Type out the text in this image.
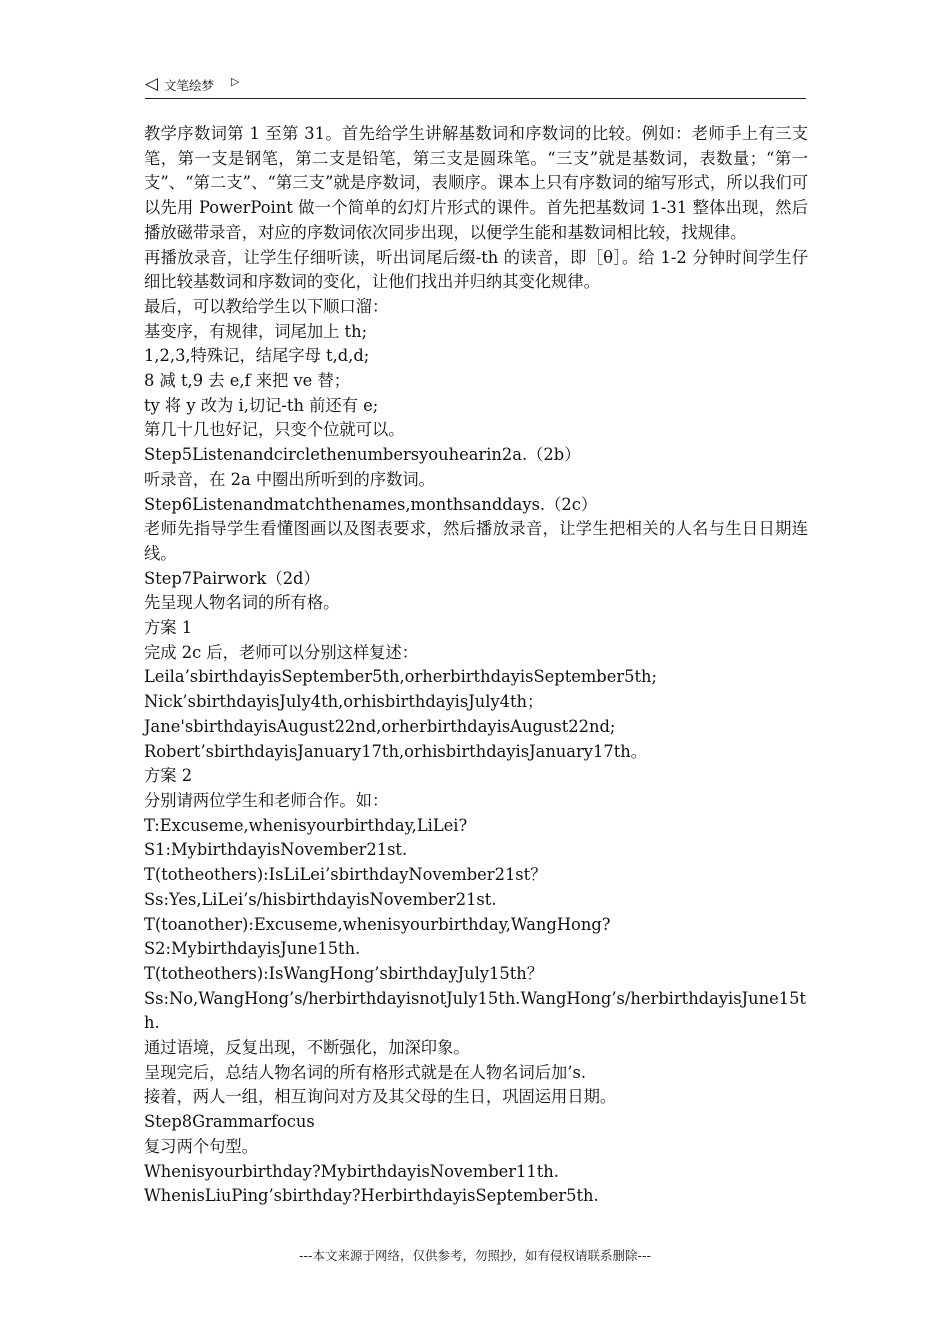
◁ 文笔绘梦 ▷

教学序数词第 1 至第 31。首先给学生讲解基数词和序数词的比较。例如：老师手上有三支笔，第一支是钢笔，第二支是铅笔，第三支是圆珠笔。“三支”就是基数词，表数量；“第一支”、“第二支”、“第三支”就是序数词，表顺序。课本上只有序数词的缩写形式，所以我们可以先用 PowerPoint 做一个简单的幻灯片形式的课件。首先把基数词 1-31 整体出现，然后播放磁带录音，对应的序数词依次同步出现，以便学生能和基数词相比较，找规律。

再播放录音，让学生仔细听读，听出词尾后缀-th 的读音，即［θ］。给 1-2 分钟时间学生仔细比较基数词和序数词的变化，让他们找出并归纳其变化规律。

最后，可以教给学生以下顺口溜：

基变序，有规律，词尾加上 th;

1,2,3,特殊记，结尾字母 t,d,d;

8 减 t,9 去 e,f 来把 ve 替；

ty 将 y 改为 i,切记-th 前还有 e;

第几十几也好记，只变个位就可以。

Step5Listenandcirclethenumbersyouhearin2a.（2b）

听录音，在 2a 中圈出所听到的序数词。

Step6Listenandmatchthenames,monthsanddays.（2c）

老师先指导学生看懂图画以及图表要求，然后播放录音，让学生把相关的人名与生日日期连线。

Step7Pairwork（2d）

先呈现人物名词的所有格。

方案 1

完成 2c 后，老师可以分别这样复述：

Leila’sbirthdayisSeptember5th,orherbirthdayisSeptember5th;

Nick’sbirthdayisJuly4th,orhisbirthdayisJuly4th；

Jane'sbirthdayisAugust22nd,orherbirthdayisAugust22nd;

Robert’sbirthdayisJanuary17th,orhisbirthdayisJanuary17th。

方案 2

分别请两位学生和老师合作。如：

T:Excuseme,whenisyourbirthday,LiLei?

S1:MybirthdayisNovember21st.

T(totheothers):IsLiLei’sbirthdayNovember21st？

Ss:Yes,LiLei’s/hisbirthdayisNovember21st.

T(toanother):Excuseme,whenisyourbirthday,WangHong?

S2:MybirthdayisJune15th.

T(totheothers):IsWangHong’sbirthdayJuly15th？

Ss:No,WangHong’s/herbirthdayisnotJuly15th.WangHong’s/herbirthdayisJune15th.

通过语境，反复出现，不断强化，加深印象。

呈现完后，总结人物名词的所有格形式就是在人物名词后加’s.

接着，两人一组，相互询问对方及其父母的生日，巩固运用日期。

Step8Grammarfocus

复习两个句型。

Whenisyourbirthday?MybirthdayisNovember11th.

WhenisLiuPing’sbirthday?HerbirthdayisSeptember5th.

---本文来源于网络，仅供参考，勿照抄，如有侵权请联系删除---
